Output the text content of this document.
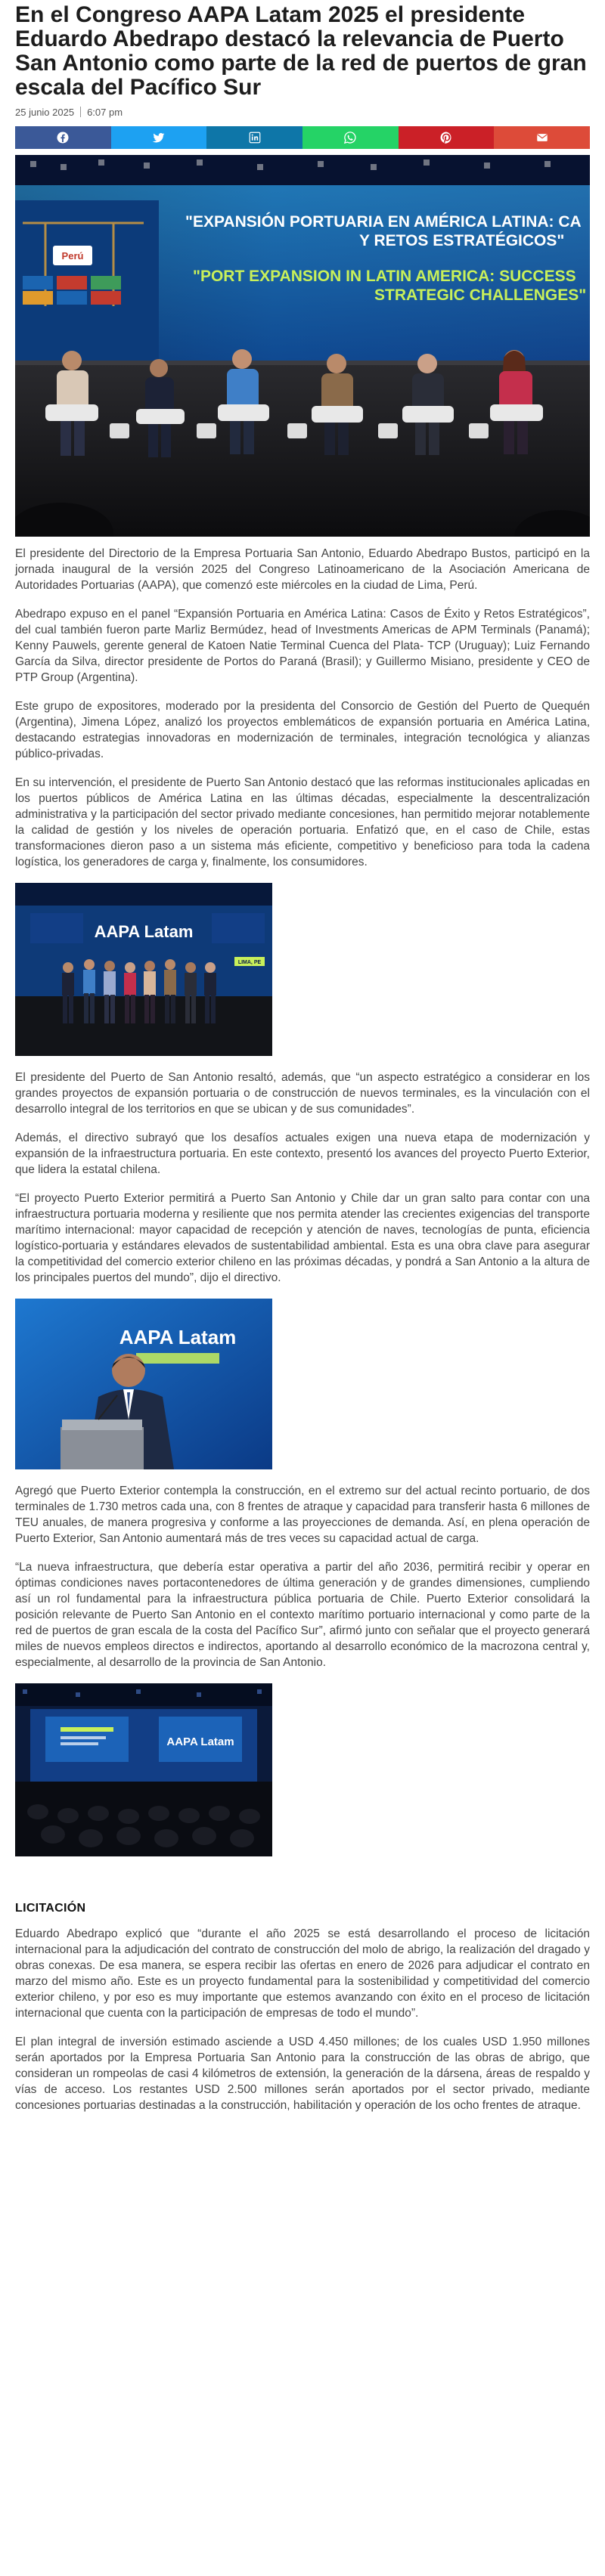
En el Congreso AAPA Latam 2025 el presidente Eduardo Abedrapo destacó la relevancia de Puerto San Antonio como parte de la red de puertos de gran escala del Pacífico Sur
25 junio 2025 6:07 pm
Perú
"EXPANSIÓN PORTUARIA EN AMÉRICA LATINA: CA
Y RETOS ESTRATÉGICOS"
"PORT EXPANSION IN LATIN AMERICA: SUCCESS
STRATEGIC CHALLENGES"

El presidente del Directorio de la Empresa Portuaria San Antonio, Eduardo Abedrapo Bustos, participó en la jornada inaugural de la versión 2025 del Congreso Latinoamericano de la Asociación Americana de Autoridades Portuarias (AAPA), que comenzó este miércoles en la ciudad de Lima, Perú.

Abedrapo expuso en el panel “Expansión Portuaria en América Latina: Casos de Éxito y Retos Estratégicos”, del cual también fueron parte Marliz Bermúdez, head of Investments Americas de APM Terminals (Panamá); Kenny Pauwels, gerente general de Katoen Natie Terminal Cuenca del Plata- TCP (Uruguay); Luiz Fernando García da Silva, director presidente de Portos do Paraná (Brasil); y Guillermo Misiano, presidente y CEO de PTP Group (Argentina).

Este grupo de expositores, moderado por la presidenta del Consorcio de Gestión del Puerto de Quequén (Argentina), Jimena López, analizó los proyectos emblemáticos de expansión portuaria en América Latina, destacando estrategias innovadoras en modernización de terminales, integración tecnológica y alianzas público-privadas.

En su intervención, el presidente de Puerto San Antonio destacó que las reformas institucionales aplicadas en los puertos públicos de América Latina en las últimas décadas, especialmente la descentralización administrativa y la participación del sector privado mediante concesiones, han permitido mejorar notablemente la calidad de gestión y los niveles de operación portuaria. Enfatizó que, en el caso de Chile, estas transformaciones dieron paso a un sistema más eficiente, competitivo y beneficioso para toda la cadena logística, los generadores de carga y, finalmente, los consumidores.

AAPA Latam
LIMA, PE

El presidente del Puerto de San Antonio resaltó, además, que “un aspecto estratégico a considerar en los grandes proyectos de expansión portuaria o de construcción de nuevos terminales, es la vinculación con el desarrollo integral de los territorios en que se ubican y de sus comunidades”.

Además, el directivo subrayó que los desafíos actuales exigen una nueva etapa de modernización y expansión de la infraestructura portuaria. En este contexto, presentó los avances del proyecto Puerto Exterior, que lidera la estatal chilena.

“El proyecto Puerto Exterior permitirá a Puerto San Antonio y Chile dar un gran salto para contar con una infraestructura portuaria moderna y resiliente que nos permita atender las crecientes exigencias del transporte marítimo internacional: mayor capacidad de recepción y atención de naves, tecnologías de punta, eficiencia logístico-portuaria y estándares elevados de sustentabilidad ambiental. Esta es una obra clave para asegurar la competitividad del comercio exterior chileno en las próximas décadas, y pondrá a San Antonio a la altura de los principales puertos del mundo”, dijo el directivo.

AAPA Latam

Agregó que Puerto Exterior contempla la construcción, en el extremo sur del actual recinto portuario, de dos terminales de 1.730 metros cada una, con 8 frentes de atraque y capacidad para transferir hasta 6 millones de TEU anuales, de manera progresiva y conforme a las proyecciones de demanda. Así, en plena operación de Puerto Exterior, San Antonio aumentará más de tres veces su capacidad actual de carga.

“La nueva infraestructura, que debería estar operativa a partir del año 2036, permitirá recibir y operar en óptimas condiciones naves portacontenedores de última generación y de grandes dimensiones, cumpliendo así un rol fundamental para la infraestructura pública portuaria de Chile. Puerto Exterior consolidará la posición relevante de Puerto San Antonio en el contexto marítimo portuario internacional y como parte de la red de puertos de gran escala de la costa del Pacífico Sur”, afirmó junto con señalar que el proyecto generará miles de nuevos empleos directos e indirectos, aportando al desarrollo económico de la macrozona central y, especialmente, al desarrollo de la provincia de San Antonio.

AAPA Latam
LICITACIÓN

Eduardo Abedrapo explicó que “durante el año 2025 se está desarrollando el proceso de licitación internacional para la adjudicación del contrato de construcción del molo de abrigo, la realización del dragado y obras conexas. De esa manera, se espera recibir las ofertas en enero de 2026 para adjudicar el contrato en marzo del mismo año. Este es un proyecto fundamental para la sostenibilidad y competitividad del comercio exterior chileno, y por eso es muy importante que estemos avanzando con éxito en el proceso de licitación internacional que cuenta con la participación de empresas de todo el mundo”.

El plan integral de inversión estimado asciende a USD 4.450 millones; de los cuales USD 1.950 millones serán aportados por la Empresa Portuaria San Antonio para la construcción de las obras de abrigo, que consideran un rompeolas de casi 4 kilómetros de extensión, la generación de la dársena, áreas de respaldo y vías de acceso. Los restantes USD 2.500 millones serán aportados por el sector privado, mediante concesiones portuarias destinadas a la construcción, habilitación y operación de los ocho frentes de atraque.
